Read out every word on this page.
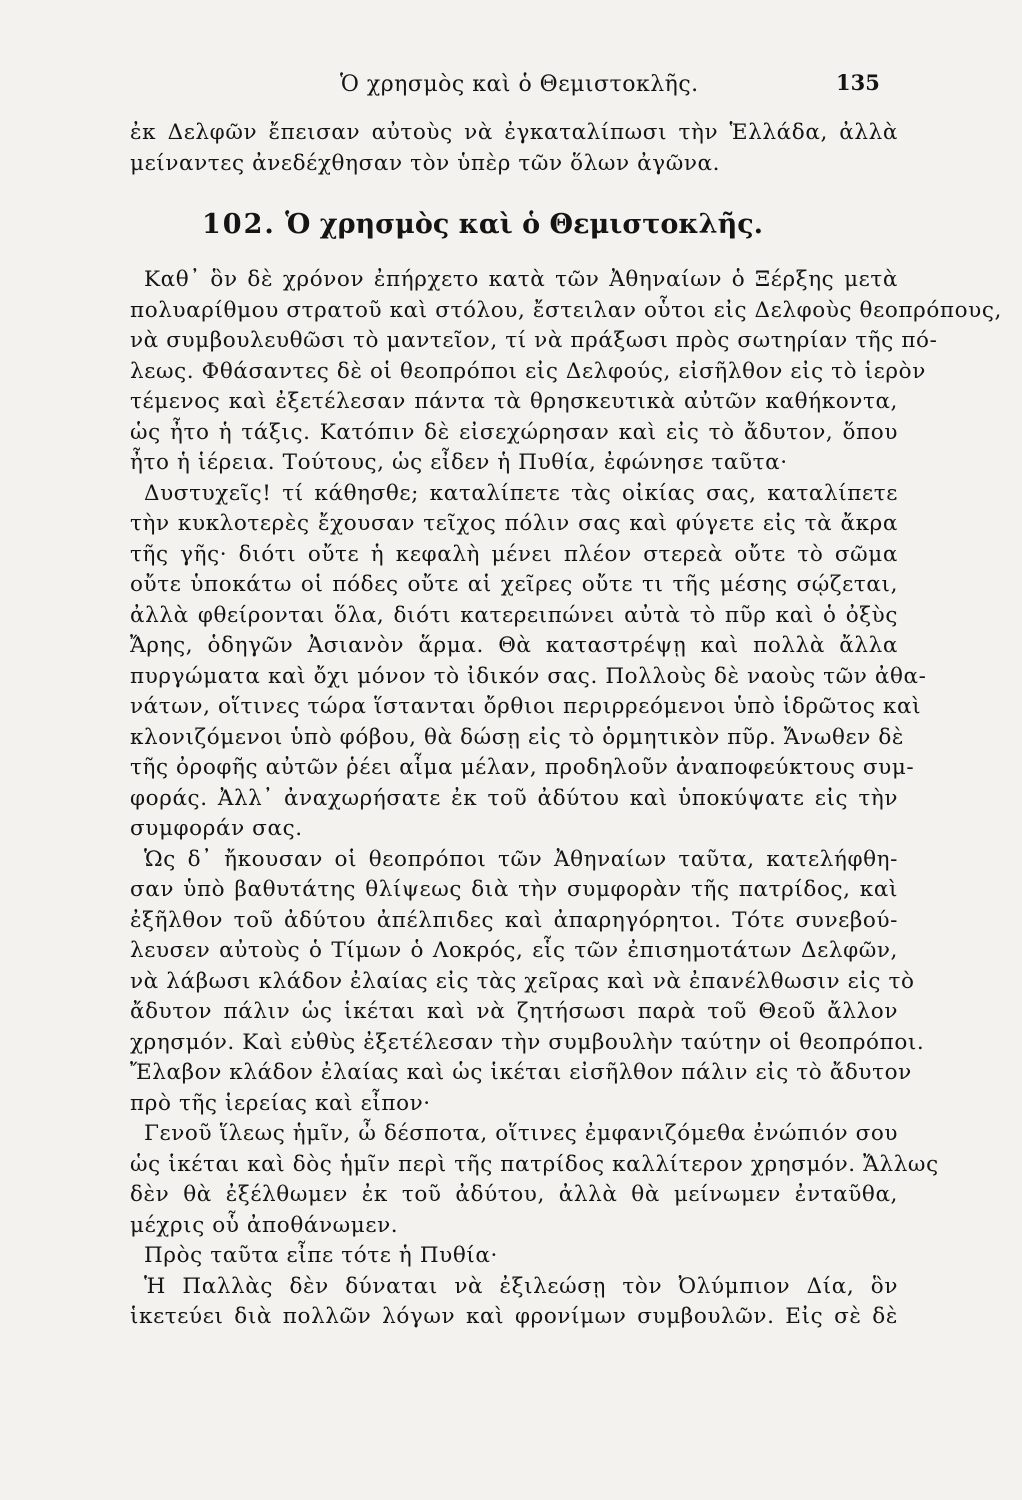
Ὁ χρησμὸς καὶ ὁ Θεμιστοκλῆς.	135
ἐκ Δελφῶν ἔπεισαν αὐτοὺς νὰ ἐγκαταλίπωσι τὴν Ἑλλάδα, ἀλλὰ
μείναντες ἀνεδέχθησαν τὸν ὑπὲρ τῶν ὅλων ἀγῶνα.
102. Ὁ χρησμὸς καὶ ὁ Θεμιστοκλῆς.
Καθ᾽ ὃν δὲ χρόνον ἐπήρχετο κατὰ τῶν Ἀθηναίων ὁ Ξέρξης μετὰ
πολυαρίθμου στρατοῦ καὶ στόλου, ἔστειλαν οὗτοι εἰς Δελφοὺς θεοπρόπους,
νὰ συμβουλευθῶσι τὸ μαντεῖον, τί νὰ πράξωσι πρὸς σωτηρίαν τῆς πό-
λεως. Φθάσαντες δὲ οἱ θεοπρόποι εἰς Δελφούς, εἰσῆλθον εἰς τὸ ἱερὸν
τέμενος καὶ ἐξετέλεσαν πάντα τὰ θρησκευτικὰ αὐτῶν καθήκοντα,
ὡς ἦτο ἡ τάξις. Κατόπιν δὲ εἰσεχώρησαν καὶ εἰς τὸ ἄδυτον, ὅπου
ἦτο ἡ ἱέρεια. Τούτους, ὡς εἶδεν ἡ Πυθία, ἐφώνησε ταῦτα·
Δυστυχεῖς! τί κάθησθε; καταλίπετε τὰς οἰκίας σας, καταλίπετε
τὴν κυκλοτερὲς ἔχουσαν τεῖχος πόλιν σας καὶ φύγετε εἰς τὰ ἄκρα
τῆς γῆς· διότι οὔτε ἡ κεφαλὴ μένει πλέον στερεὰ οὔτε τὸ σῶμα
οὔτε ὑποκάτω οἱ πόδες οὔτε αἱ χεῖρες οὔτε τι τῆς μέσης σῴζεται,
ἀλλὰ φθείρονται ὅλα, διότι κατερειπώνει αὐτὰ τὸ πῦρ καὶ ὁ ὀξὺς
Ἄρης, ὁδηγῶν Ἀσιανὸν ἅρμα. Θὰ καταστρέψῃ καὶ πολλὰ ἄλλα
πυργώματα καὶ ὄχι μόνον τὸ ἰδικόν σας. Πολλοὺς δὲ ναοὺς τῶν ἀθα-
νάτων, οἵτινες τώρα ἵστανται ὄρθιοι περιρρεόμενοι ὑπὸ ἱδρῶτος καὶ
κλονιζόμενοι ὑπὸ φόβου, θὰ δώσῃ εἰς τὸ ὁρμητικὸν πῦρ. Ἄνωθεν δὲ
τῆς ὀροφῆς αὐτῶν ῥέει αἷμα μέλαν, προδηλοῦν ἀναποφεύκτους συμ-
φοράς. Ἀλλ᾽ ἀναχωρήσατε ἐκ τοῦ ἀδύτου καὶ ὑποκύψατε εἰς τὴν
συμφοράν σας.
Ὡς δ᾽ ἤκουσαν οἱ θεοπρόποι τῶν Ἀθηναίων ταῦτα, κατελήφθη-
σαν ὑπὸ βαθυτάτης θλίψεως διὰ τὴν συμφορὰν τῆς πατρίδος, καὶ
ἐξῆλθον τοῦ ἀδύτου ἀπέλπιδες καὶ ἀπαρηγόρητοι. Τότε συνεβού-
λευσεν αὐτοὺς ὁ Τίμων ὁ Λοκρός, εἷς τῶν ἐπισημοτάτων Δελφῶν,
νὰ λάβωσι κλάδον ἐλαίας εἰς τὰς χεῖρας καὶ νὰ ἐπανέλθωσιν εἰς τὸ
ἄδυτον πάλιν ὡς ἱκέται καὶ νὰ ζητήσωσι παρὰ τοῦ Θεοῦ ἄλλον
χρησμόν. Καὶ εὐθὺς ἐξετέλεσαν τὴν συμβουλὴν ταύτην οἱ θεοπρόποι.
Ἔλαβον κλάδον ἐλαίας καὶ ὡς ἱκέται εἰσῆλθον πάλιν εἰς τὸ ἄδυτον
πρὸ τῆς ἱερείας καὶ εἶπον·
Γενοῦ ἵλεως ἡμῖν, ὦ δέσποτα, οἵτινες ἐμφανιζόμεθα ἐνώπιόν σου
ὡς ἱκέται καὶ δὸς ἡμῖν περὶ τῆς πατρίδος καλλίτερον χρησμόν. Ἄλλως
δὲν θὰ ἐξέλθωμεν ἐκ τοῦ ἀδύτου, ἀλλὰ θὰ μείνωμεν ἐνταῦθα,
μέχρις οὗ ἀποθάνωμεν.
Πρὸς ταῦτα εἶπε τότε ἡ Πυθία·
Ἡ Παλλὰς δὲν δύναται νὰ ἐξιλεώσῃ τὸν Ὀλύμπιον Δία, ὃν
ἱκετεύει διὰ πολλῶν λόγων καὶ φρονίμων συμβουλῶν. Εἰς σὲ δὲ
